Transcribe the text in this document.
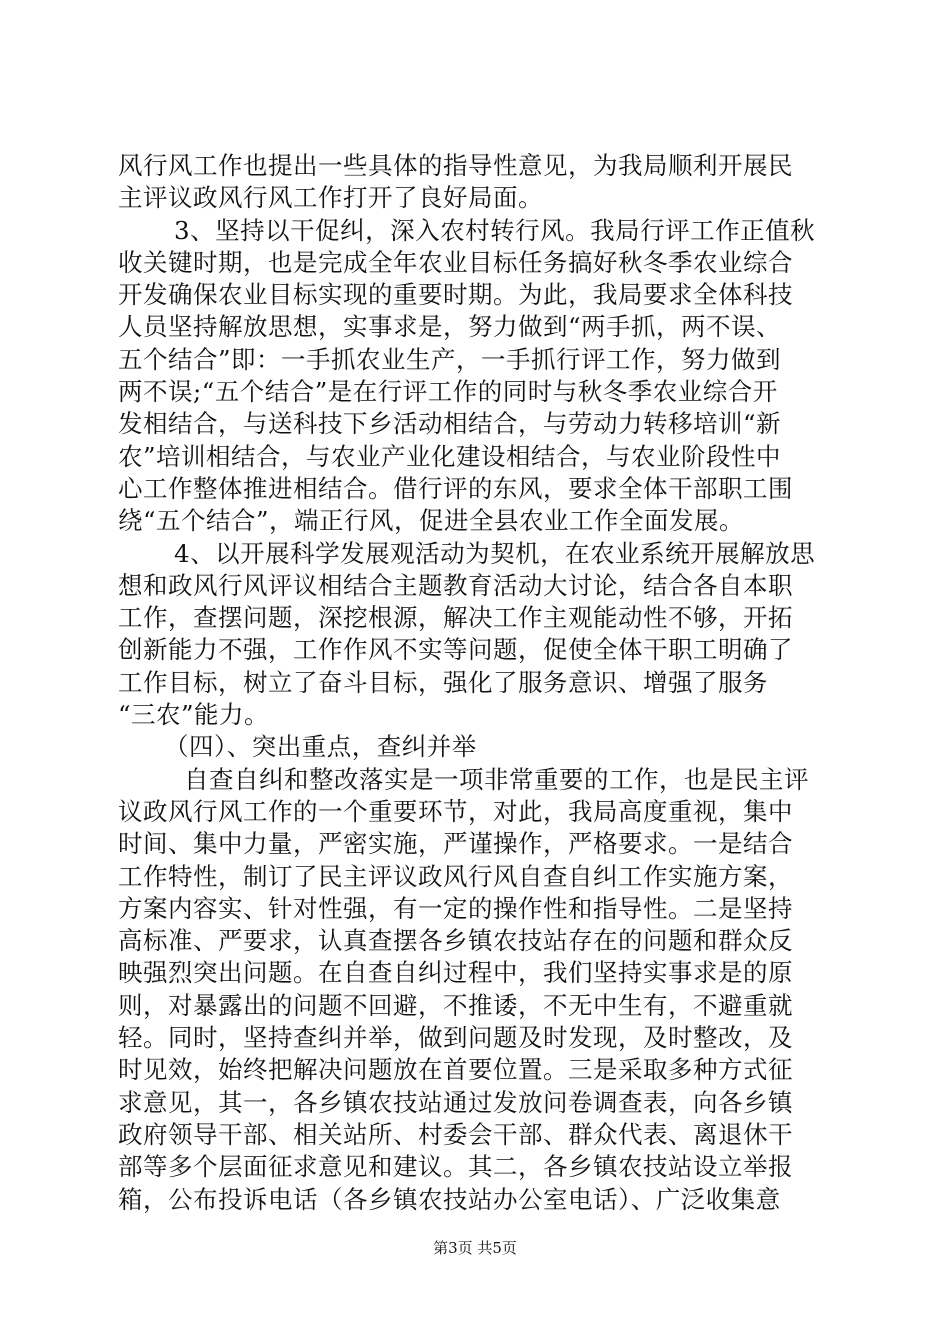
风行风工作也提出一些具体的指导性意见，为我局顺利开展民
主评议政风行风工作打开了良好局面。
3、坚持以干促纠，深入农村转行风。我局行评工作正值秋
收关键时期，也是完成全年农业目标任务搞好秋冬季农业综合
开发确保农业目标实现的重要时期。为此，我局要求全体科技
人员坚持解放思想，实事求是，努力做到“两手抓，两不误、
五个结合”即：一手抓农业生产，一手抓行评工作，努力做到
两不误;“五个结合”是在行评工作的同时与秋冬季农业综合开
发相结合，与送科技下乡活动相结合，与劳动力转移培训“新
农”培训相结合，与农业产业化建设相结合，与农业阶段性中
心工作整体推进相结合。借行评的东风，要求全体干部职工围
绕“五个结合”，端正行风，促进全县农业工作全面发展。
4、以开展科学发展观活动为契机，在农业系统开展解放思
想和政风行风评议相结合主题教育活动大讨论，结合各自本职
工作，查摆问题，深挖根源，解决工作主观能动性不够，开拓
创新能力不强，工作作风不实等问题，促使全体干职工明确了
工作目标，树立了奋斗目标，强化了服务意识、增强了服务
“三农”能力。
（四）、突出重点，查纠并举
自查自纠和整改落实是一项非常重要的工作，也是民主评
议政风行风工作的一个重要环节，对此，我局高度重视，集中
时间、集中力量，严密实施，严谨操作，严格要求。一是结合
工作特性，制订了民主评议政风行风自查自纠工作实施方案，
方案内容实、针对性强，有一定的操作性和指导性。二是坚持
高标准、严要求，认真查摆各乡镇农技站存在的问题和群众反
映强烈突出问题。在自查自纠过程中，我们坚持实事求是的原
则，对暴露出的问题不回避，不推诿，不无中生有，不避重就
轻。同时，坚持查纠并举，做到问题及时发现，及时整改，及
时见效，始终把解决问题放在首要位置。三是采取多种方式征
求意见，其一，各乡镇农技站通过发放问卷调查表，向各乡镇
政府领导干部、相关站所、村委会干部、群众代表、离退休干
部等多个层面征求意见和建议。其二，各乡镇农技站设立举报
箱，公布投诉电话（各乡镇农技站办公室电话）、广泛收集意
第3页 共5页
